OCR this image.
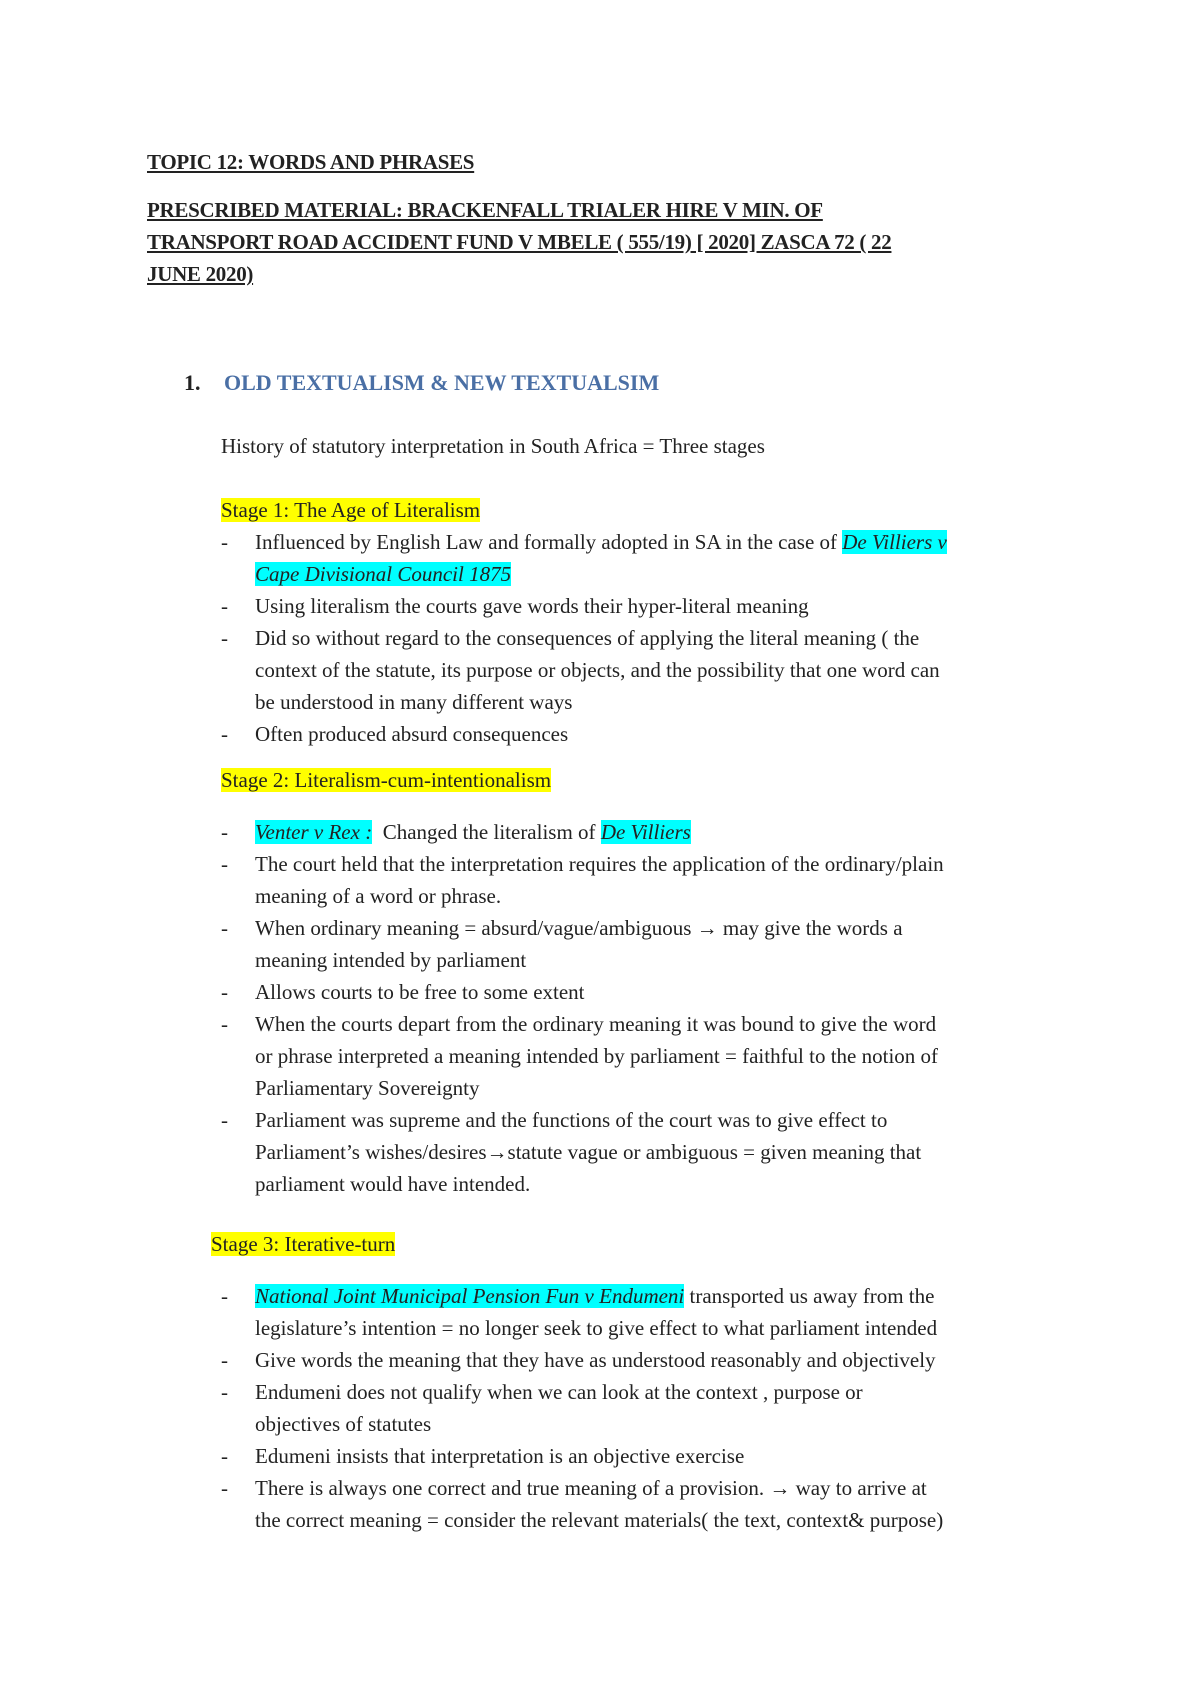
TOPIC 12: WORDS AND PHRASES
PRESCRIBED MATERIAL: BRACKENFALL TRIALER HIRE V MIN. OF
TRANSPORT ROAD ACCIDENT FUND V MBELE ( 555/19) [ 2020] ZASCA 72 ( 22
JUNE 2020)
1. OLD TEXTUALISM & NEW TEXTUALSIM
History of statutory interpretation in South Africa = Three stages
Stage 1: The Age of Literalism
- Influenced by English Law and formally adopted in SA in the case of De Villiers v
Cape Divisional Council 1875
- Using literalism the courts gave words their hyper-literal meaning
- Did so without regard to the consequences of applying the literal meaning ( the
context of the statute, its purpose or objects, and the possibility that one word can
be understood in many different ways
- Often produced absurd consequences
Stage 2: Literalism-cum-intentionalism
- Venter v Rex : Changed the literalism of De Villiers
- The court held that the interpretation requires the application of the ordinary/plain
meaning of a word or phrase.
- When ordinary meaning = absurd/vague/ambiguous → may give the words a
meaning intended by parliament
- Allows courts to be free to some extent
- When the courts depart from the ordinary meaning it was bound to give the word
or phrase interpreted a meaning intended by parliament = faithful to the notion of
Parliamentary Sovereignty
- Parliament was supreme and the functions of the court was to give effect to
Parliament’s wishes/desires→statute vague or ambiguous = given meaning that
parliament would have intended.
Stage 3: Iterative-turn
- National Joint Municipal Pension Fun v Endumeni transported us away from the
legislature’s intention = no longer seek to give effect to what parliament intended
- Give words the meaning that they have as understood reasonably and objectively
- Endumeni does not qualify when we can look at the context , purpose or
objectives of statutes
- Edumeni insists that interpretation is an objective exercise
- There is always one correct and true meaning of a provision. → way to arrive at
the correct meaning = consider the relevant materials( the text, context& purpose)
